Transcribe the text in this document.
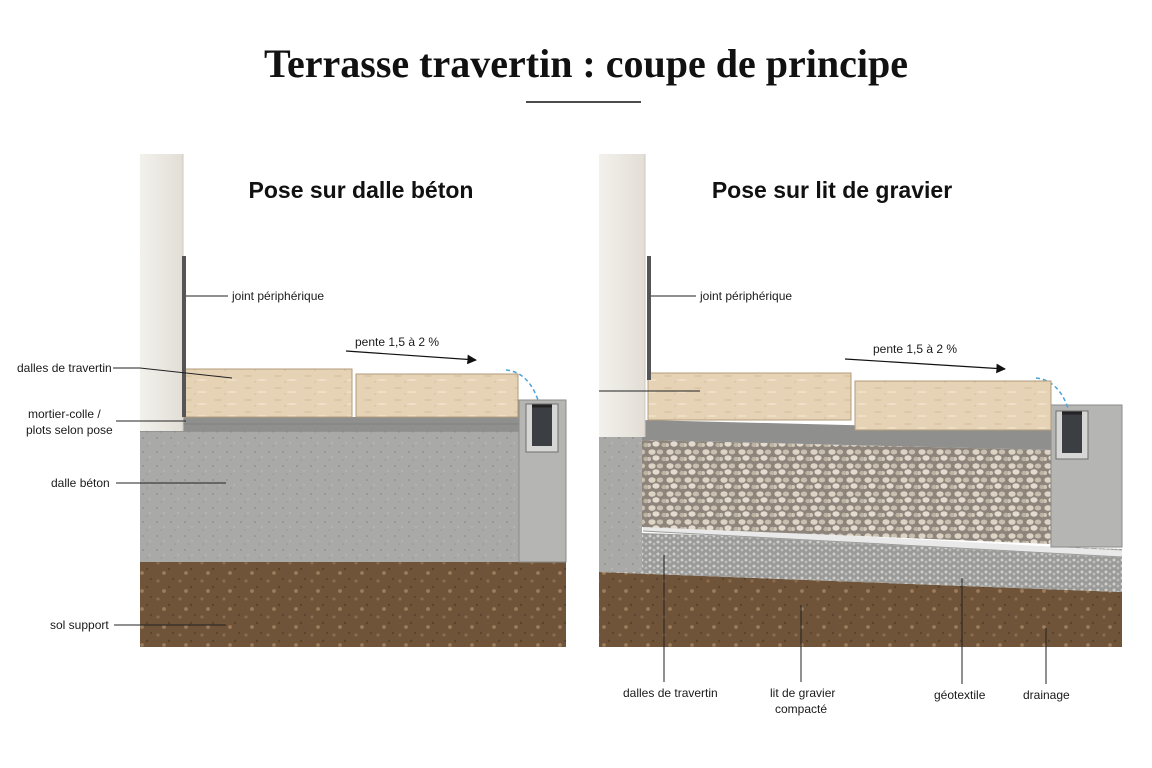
Terrasse travertin : coupe de principe
Pose sur dalle béton
pente 1,5 à 2 %
joint périphérique
dalles de travertin
mortier-colle /
plots selon pose
dalle béton
sol support
Pose sur lit de gravier
pente 1,5 à 2 %
joint périphérique
dalles de travertin	lit de gravier
compacté
géotextile	drainage
